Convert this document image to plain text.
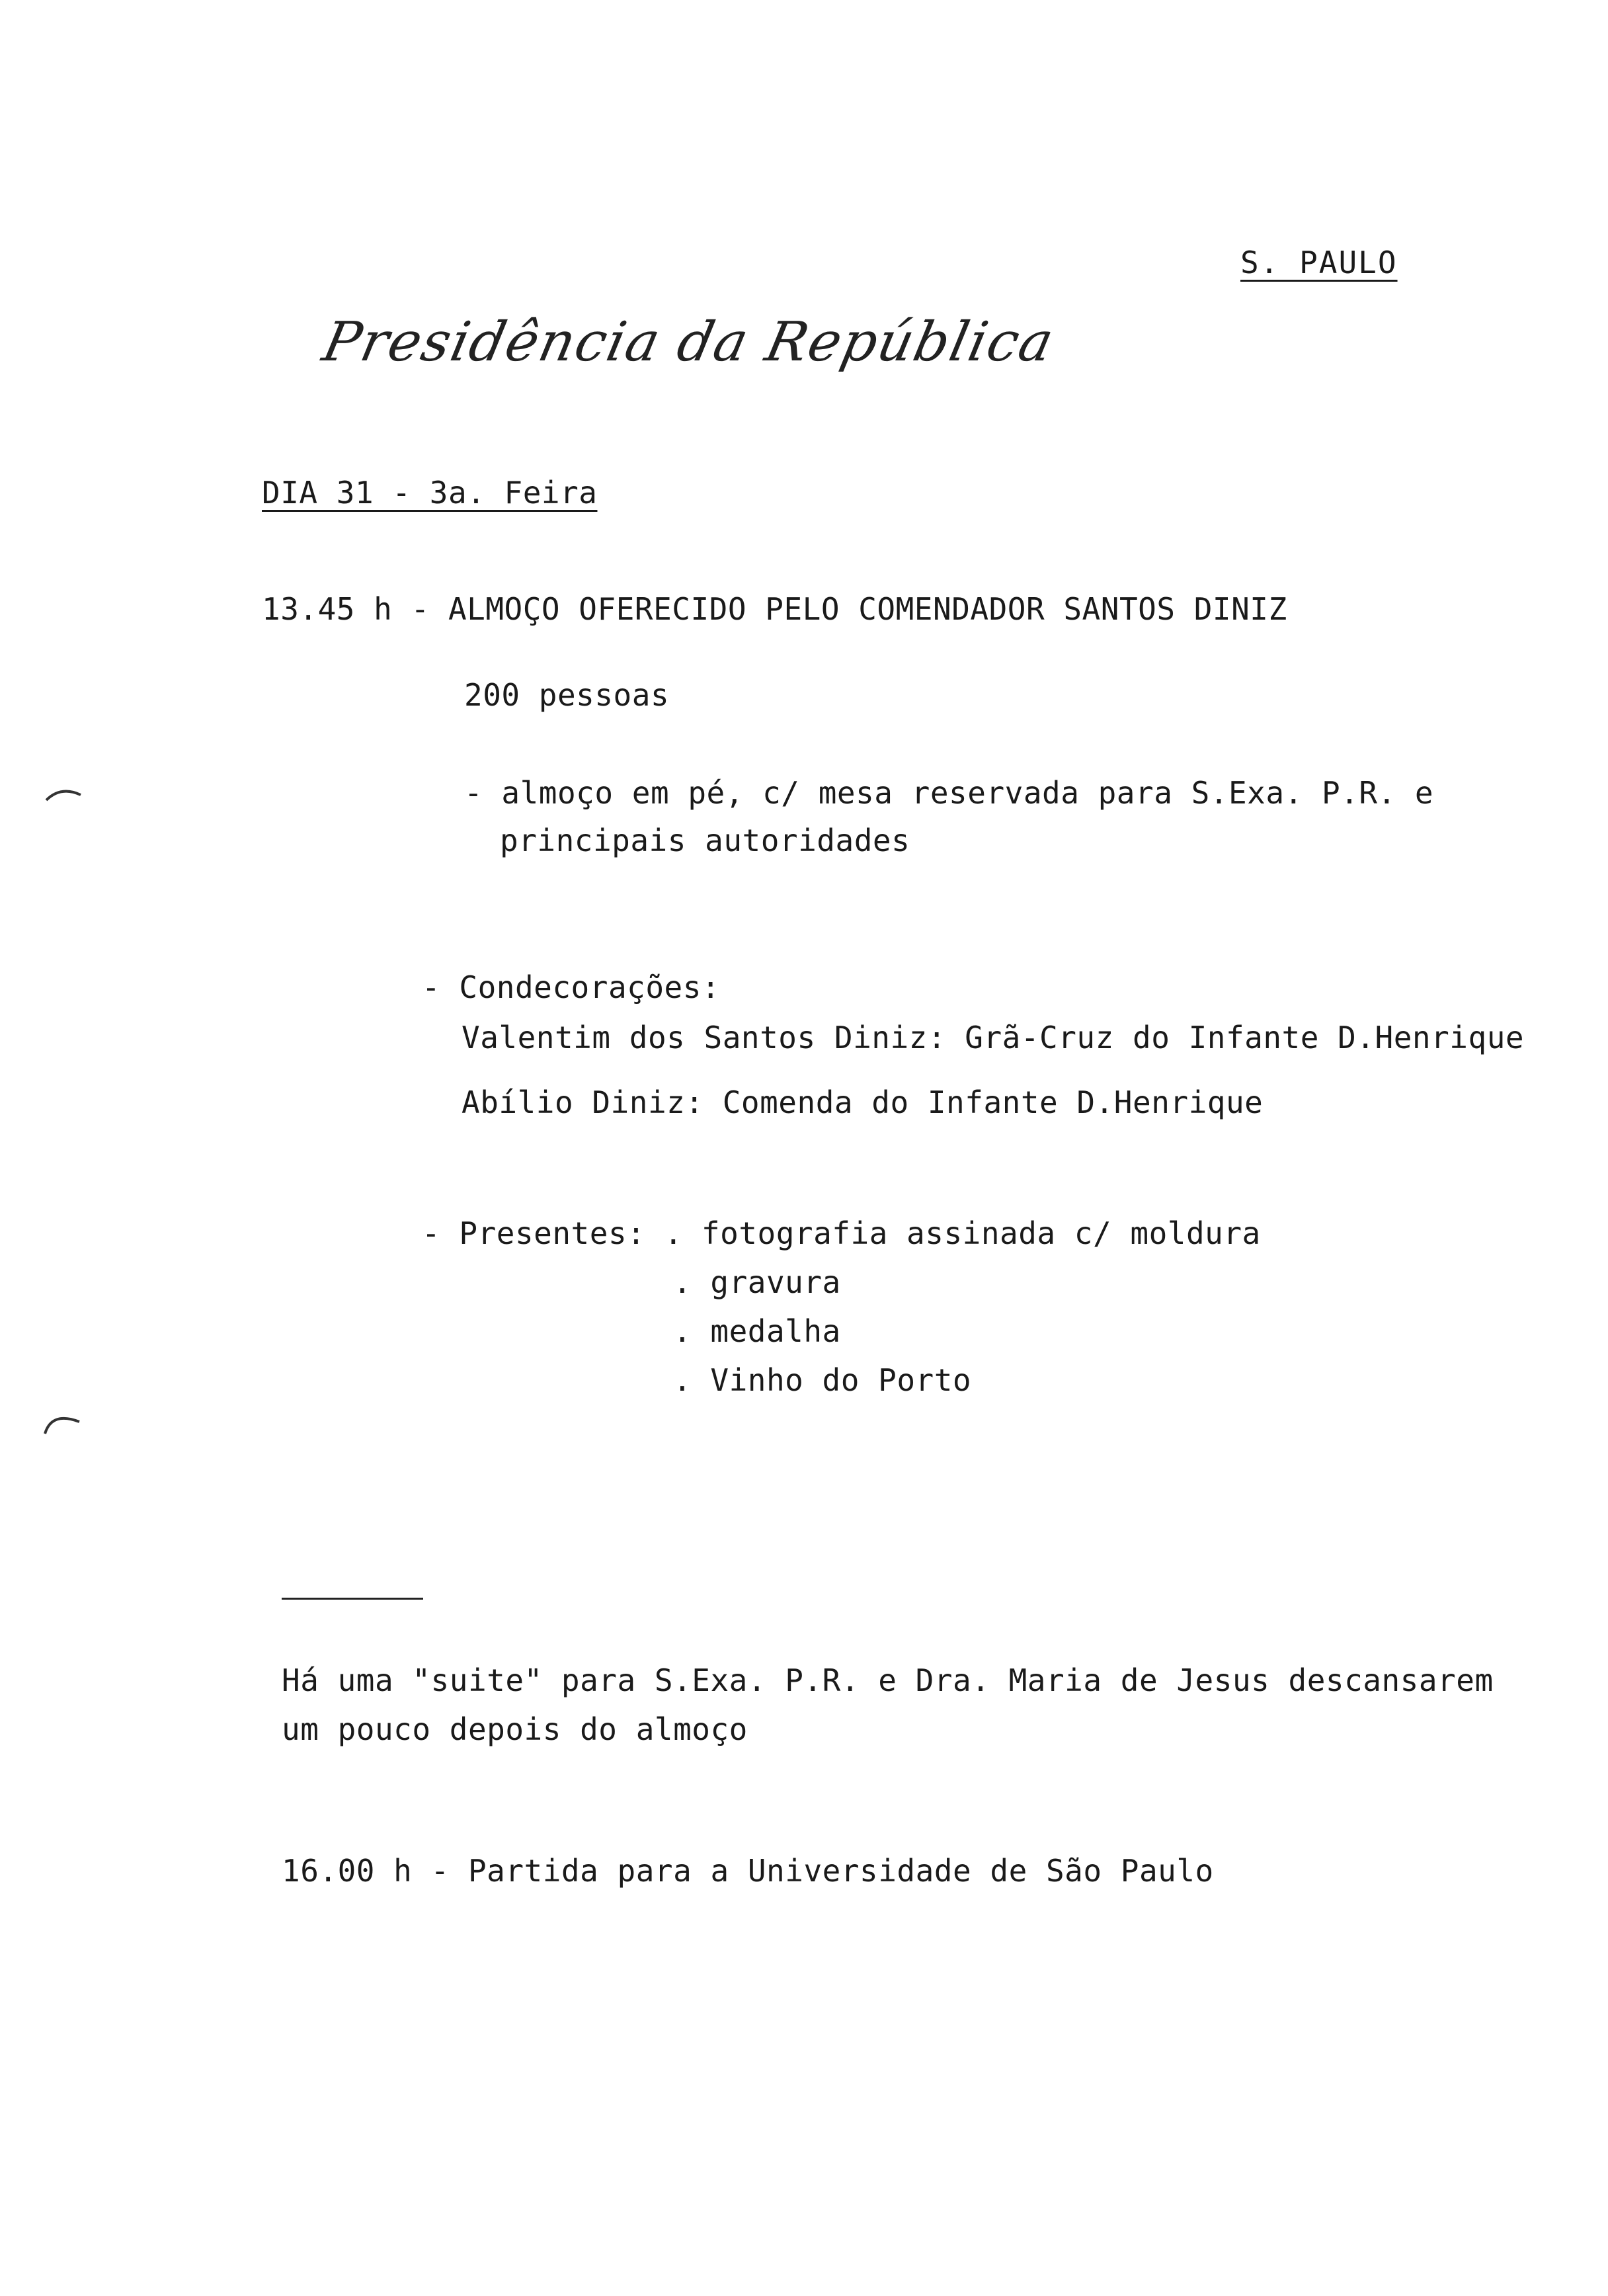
S. PAULO
Presidência da República
DIA 31 - 3a. Feira
13.45 h - ALMOÇO OFERECIDO PELO COMENDADOR SANTOS DINIZ
200 pessoas
- almoço em pé, c/ mesa reservada para S.Exa. P.R. e
principais autoridades
- Condecorações:
Valentim dos Santos Diniz: Grã-Cruz do Infante D.Henrique
Abílio Diniz: Comenda do Infante D.Henrique
- Presentes: . fotografia assinada c/ moldura
. gravura
. medalha
. Vinho do Porto
Há uma "suite" para S.Exa. P.R. e Dra. Maria de Jesus descansarem
um pouco depois do almoço
16.00 h - Partida para a Universidade de São Paulo
